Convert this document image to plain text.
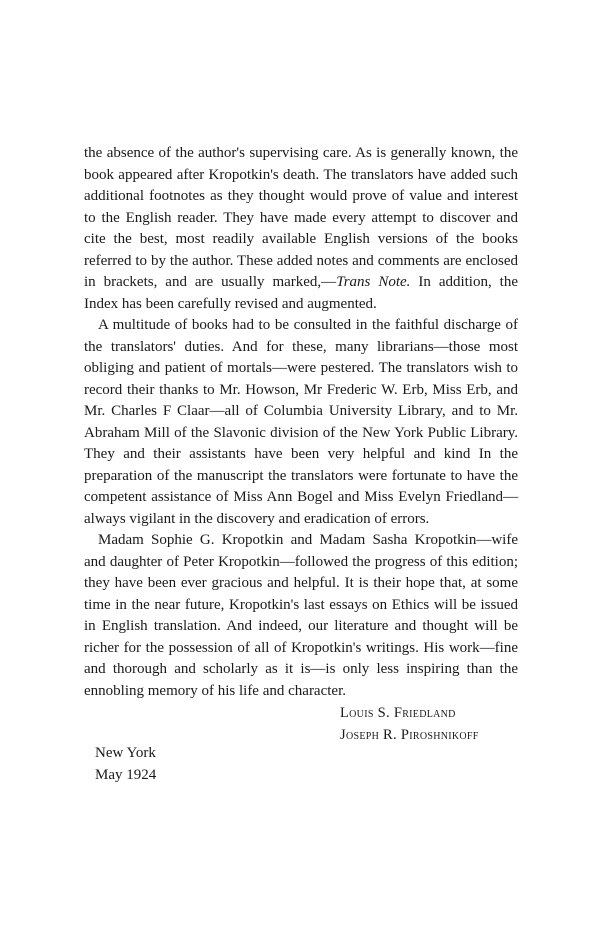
the absence of the author's supervising care. As is generally known, the book appeared after Kropotkin's death. The translators have added such additional footnotes as they thought would prove of value and interest to the English reader. They have made every attempt to discover and cite the best, most readily available English versions of the books referred to by the author. These added notes and comments are enclosed in brackets, and are usually marked,—Trans Note. In addition, the Index has been carefully revised and augmented.

A multitude of books had to be consulted in the faithful discharge of the translators' duties. And for these, many librarians—those most obliging and patient of mortals—were pestered. The translators wish to record their thanks to Mr. Howson, Mr Frederic W. Erb, Miss Erb, and Mr. Charles F Claar—all of Columbia University Library, and to Mr. Abraham Mill of the Slavonic division of the New York Public Library. They and their assistants have been very helpful and kind In the preparation of the manuscript the translators were fortunate to have the competent assistance of Miss Ann Bogel and Miss Evelyn Friedland—always vigilant in the discovery and eradication of errors.

Madam Sophie G. Kropotkin and Madam Sasha Kropotkin—wife and daughter of Peter Kropotkin—followed the progress of this edition; they have been ever gracious and helpful. It is their hope that, at some time in the near future, Kropotkin's last essays on Ethics will be issued in English translation. And indeed, our literature and thought will be richer for the possession of all of Kropotkin's writings. His work—fine and thorough and scholarly as it is—is only less inspiring than the ennobling memory of his life and character.

Louis S. Friedland
Joseph R. Piroshnikoff
New York
May 1924
